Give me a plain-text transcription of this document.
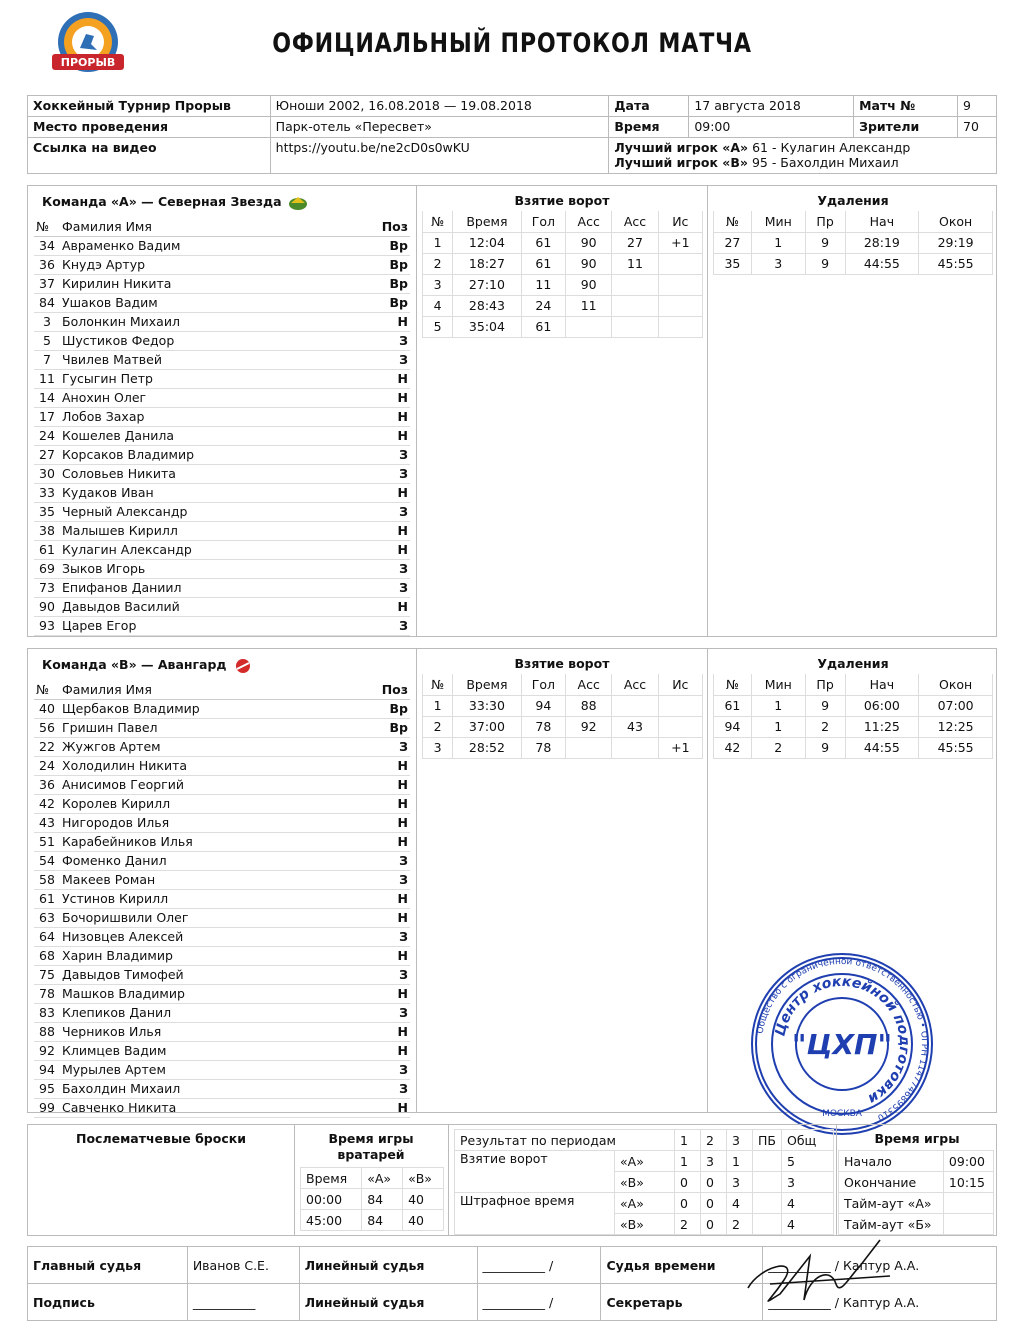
ПРОРЫВ
ОФИЦИАЛЬНЫЙ ПРОТОКОЛ МАТЧА
Хоккейный Турнир Прорыв	Юноши 2002, 16.08.2018 — 19.08.2018	Дата	17 августа 2018	Матч №	9
Место проведения	Парк-отель «Пересвет»	Время	09:00	Зрители	70
Ссылка на видео	https://youtu.be/ne2cD0s0wKU	Лучший игрок «А» 61 - Кулагин Александр
Лучший игрок «В» 95 - Бахолдин Михаил			
Команда «А» — Северная Звезда
№	Фамилия Имя	Поз
34	Авраменко Вадим	Вр
36	Кнудэ Артур	Вр
37	Кирилин Никита	Вр
84	Ушаков Вадим	Вр
3	Болонкин Михаил	Н
5	Шустиков Федор	З
7	Чвилев Матвей	З
11	Гусыгин Петр	Н
14	Анохин Олег	Н
17	Лобов Захар	Н
24	Кошелев Данила	Н
27	Корсаков Владимир	З
30	Соловьев Никита	З
33	Кудаков Иван	Н
35	Черный Александр	З
38	Малышев Кирилл	Н
61	Кулагин Александр	Н
69	Зыков Игорь	З
73	Епифанов Даниил	З
90	Давыдов Василий	Н
93	Царев Егор	З
Взятие ворот
№	Время	Гол	Асс	Асс	Ис
1	12:04	61	90	27	+1
2	18:27	61	90	11	
3	27:10	11	90		
4	28:43	24	11		
5	35:04	61			
Удаления
№	Мин	Пр	Нач	Окон
27	1	9	28:19	29:19
35	3	9	44:55	45:55
Команда «В» — Авангард
№	Фамилия Имя	Поз
40	Щербаков Владимир	Вр
56	Гришин Павел	Вр
22	Жужгов Артем	З
24	Холодилин Никита	Н
36	Анисимов Георгий	Н
42	Королев Кирилл	Н
43	Нигородов Илья	Н
51	Карабейников Илья	Н
54	Фоменко Данил	З
58	Макеев Роман	З
61	Устинов Кирилл	Н
63	Бочоришвили Олег	Н
64	Низовцев Алексей	З
68	Харин Владимир	Н
75	Давыдов Тимофей	З
78	Машков Владимир	Н
83	Клепиков Данил	З
88	Черников Илья	Н
92	Климцев Вадим	Н
94	Мурылев Артем	З
95	Бахолдин Михаил	З
99	Савченко Никита	Н
Взятие ворот
№	Время	Гол	Асс	Асс	Ис
1	33:30	94	88		
2	37:00	78	92	43	
3	28:52	78			+1
Удаления
№	Мин	Пр	Нач	Окон
61	1	9	06:00	07:00
94	1	2	11:25	12:25
42	2	9	44:55	45:55
Общество с ограниченной ответственностью • ОГРН 1147746895310
Центр хоккейной подготовки
"ЦХП"
МОСКВА
Послематчевые броски	Время игры вратарей
Время	«А»	«В»
00:00	84	40
45:00	84	40
Результат по периодам		1	2	3	ПБ	Общ
Взятие ворот	«А»	1	3	1		5
	«В»	0	0	3		3
Штрафное время	«А»	0	0	4		4
	«В»	2	0	2		4
Время игры
Начало	09:00
Окончание	10:15
Тайм-аут «А»	
Тайм-аут «Б»	
Главный судья	Иванов С.Е.	Линейный судья	__________ /	Судья времени	__________ / Каптур А.А.
Подпись	__________	Линейный судья	__________ /	Секретарь	__________ / Каптур А.А.
